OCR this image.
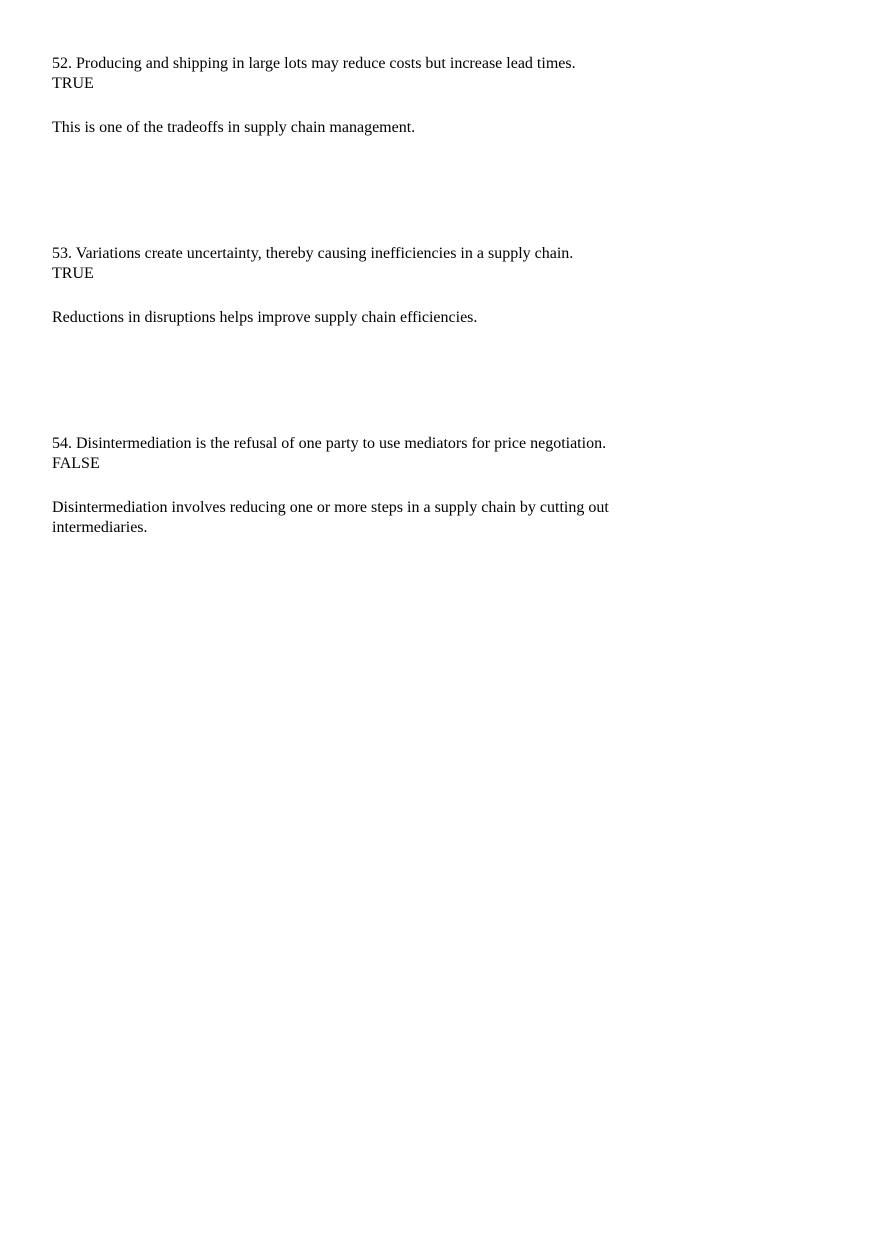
52. Producing and shipping in large lots may reduce costs but increase lead times.

TRUE

This is one of the tradeoffs in supply chain management.

53. Variations create uncertainty, thereby causing inefficiencies in a supply chain.

TRUE

Reductions in disruptions helps improve supply chain efficiencies.

54. Disintermediation is the refusal of one party to use mediators for price negotiation.

FALSE

Disintermediation involves reducing one or more steps in a supply chain by cutting out intermediaries.
